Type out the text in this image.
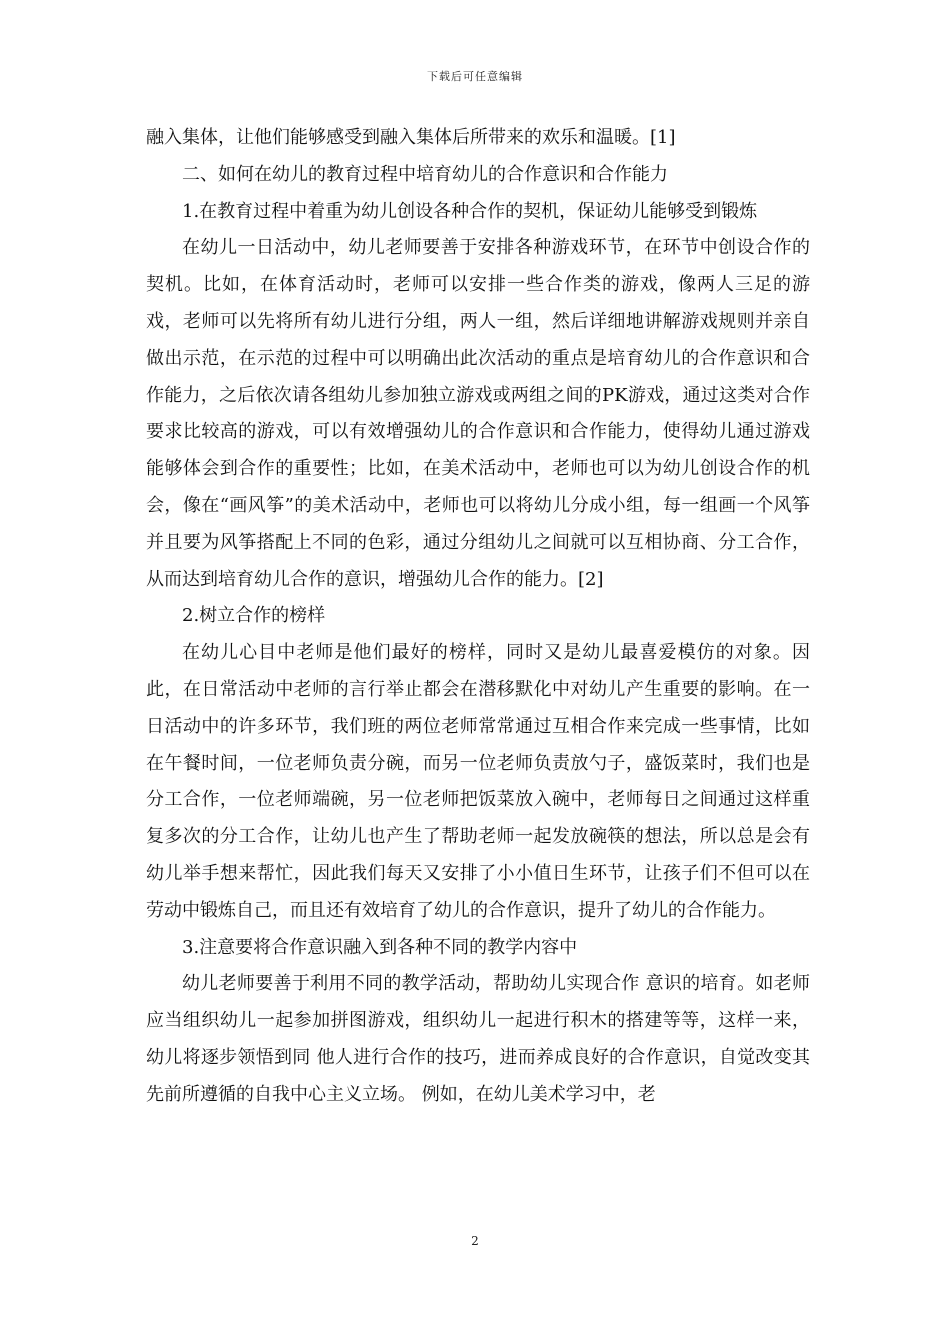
下载后可任意编辑

融入集体，让他们能够感受到融入集体后所带来的欢乐和温暖。[1]

二、如何在幼儿的教育过程中培育幼儿的合作意识和合作能力

1.在教育过程中着重为幼儿创设各种合作的契机，保证幼儿能够受到锻炼

在幼儿一日活动中，幼儿老师要善于安排各种游戏环节，在环节中创设合作的契机。比如，在体育活动时，老师可以安排一些合作类的游戏，像两人三足的游戏，老师可以先将所有幼儿进行分组，两人一组，然后详细地讲解游戏规则并亲自做出示范，在示范的过程中可以明确出此次活动的重点是培育幼儿的合作意识和合作能力，之后依次请各组幼儿参加独立游戏或两组之间的PK游戏，通过这类对合作要求比较高的游戏，可以有效增强幼儿的合作意识和合作能力，使得幼儿通过游戏能够体会到合作的重要性；比如，在美术活动中，老师也可以为幼儿创设合作的机会，像在“画风筝”的美术活动中，老师也可以将幼儿分成小组，每一组画一个风筝并且要为风筝搭配上不同的色彩，通过分组幼儿之间就可以互相协商、分工合作，从而达到培育幼儿合作的意识，增强幼儿合作的能力。[2]

2.树立合作的榜样

在幼儿心目中老师是他们最好的榜样，同时又是幼儿最喜爱模仿的对象。因此，在日常活动中老师的言行举止都会在潜移默化中对幼儿产生重要的影响。在一日活动中的许多环节，我们班的两位老师常常通过互相合作来完成一些事情，比如在午餐时间，一位老师负责分碗，而另一位老师负责放勺子，盛饭菜时，我们也是分工合作，一位老师端碗，另一位老师把饭菜放入碗中，老师每日之间通过这样重复多次的分工合作，让幼儿也产生了帮助老师一起发放碗筷的想法，所以总是会有幼儿举手想来帮忙，因此我们每天又安排了小小值日生环节，让孩子们不但可以在劳动中锻炼自己，而且还有效培育了幼儿的合作意识，提升了幼儿的合作能力。

3.注意要将合作意识融入到各种不同的教学内容中

幼儿老师要善于利用不同的教学活动，帮助幼儿实现合作 意识的培育。如老师应当组织幼儿一起参加拼图游戏，组织幼儿一起进行积木的搭建等等，这样一来，幼儿将逐步领悟到同 他人进行合作的技巧，进而养成良好的合作意识，自觉改变其 先前所遵循的自我中心主义立场。 例如，在幼儿美术学习中，老

2
